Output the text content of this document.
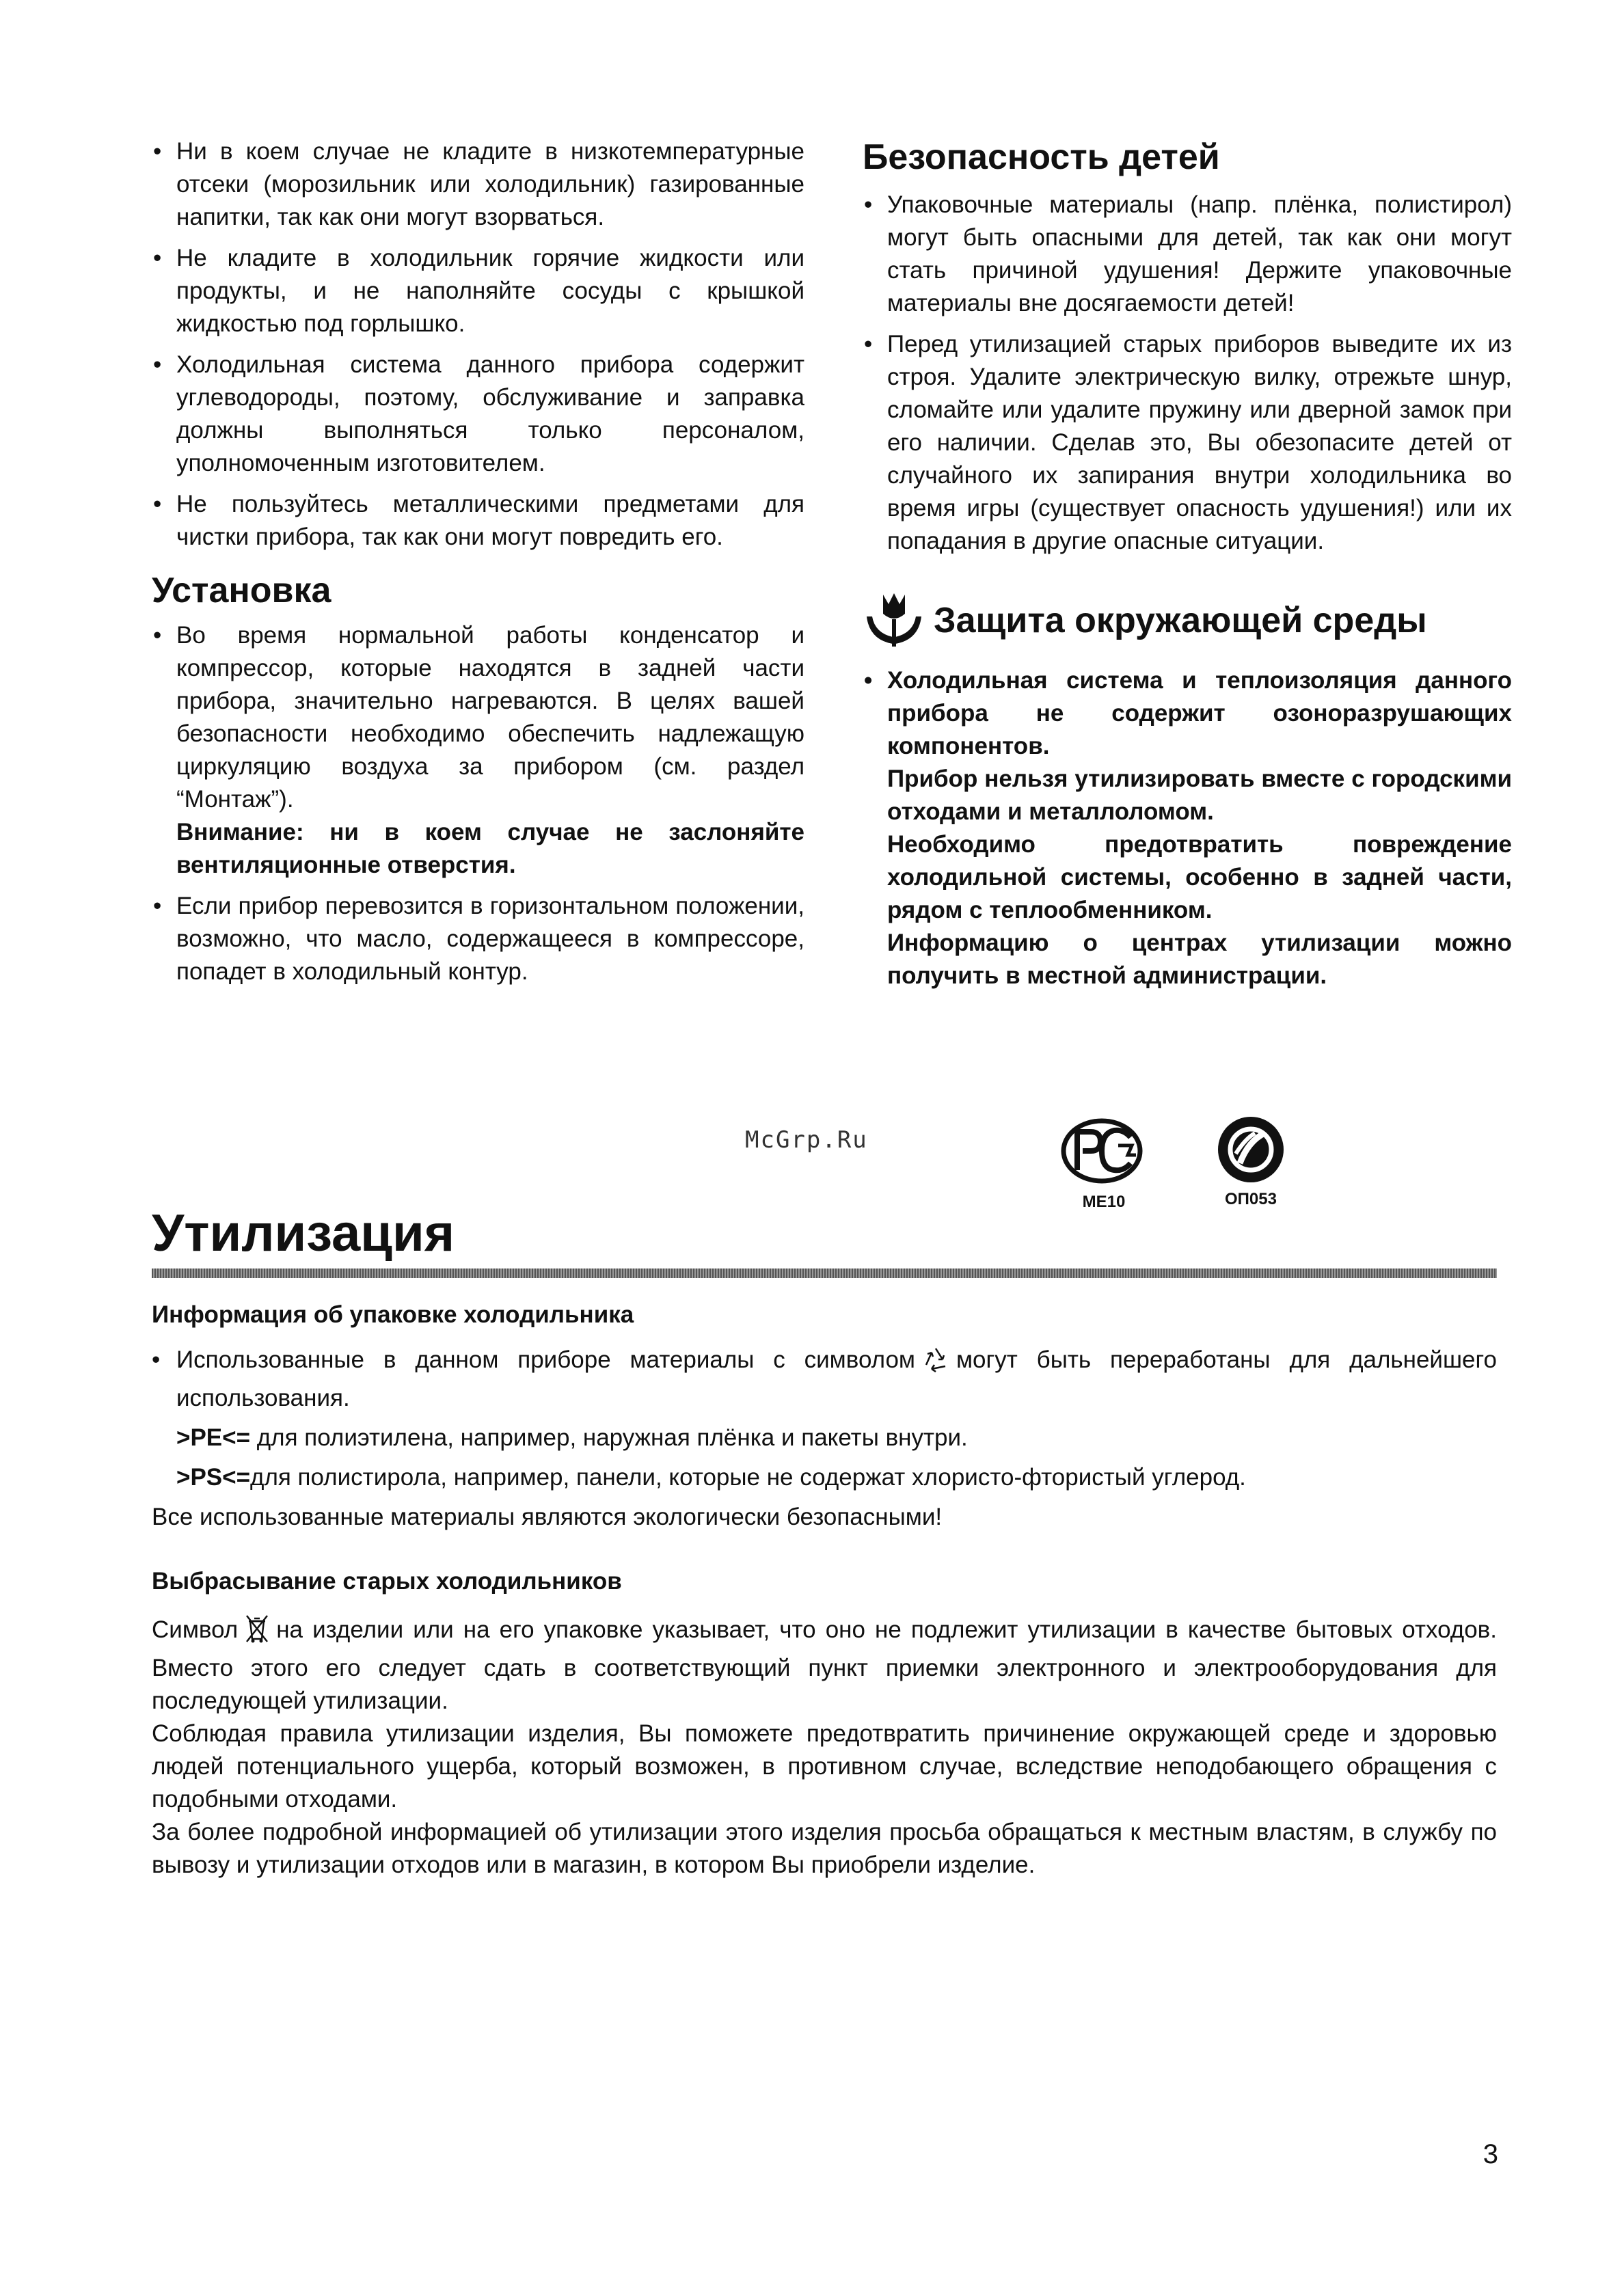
• Ни в коем случае не кладите в низкотемпературные отсеки (морозильник или холодильник) газированные напитки, так как они могут взорваться.
• Не кладите в холодильник горячие жидкости или продукты, и не наполняйте сосуды с крышкой жидкостью под горлышко.
• Холодильная система данного прибора содержит углеводороды, поэтому, обслуживание и заправка должны выполняться только персоналом, уполномоченным изготовителем.
• Не пользуйтесь металлическими предметами для чистки прибора, так как они могут повредить его.
Установка
• Во время нормальной работы конденсатор и компрессор, которые находятся в задней части прибора, значительно нагреваются. В целях вашей безопасности необходимо обеспечить надлежащую циркуляцию воздуха за прибором (см. раздел “Монтаж”).
Внимание: ни в коем случае не заслоняйте вентиляционные отверстия.
• Если прибор перевозится в горизонтальном положении, возможно, что масло, содержащееся в компрессоре, попадет в холодильный контур.
Безопасность детей
• Упаковочные материалы (напр. плёнка, полистирол) могут быть опасными для детей, так как они могут стать причиной удушения! Держите упаковочные материалы вне досягаемости детей!
• Перед утилизацией старых приборов выведите их из строя. Удалите электрическую вилку, отрежьте шнур, сломайте или удалите пружину или дверной замок при его наличии. Сделав это, Вы обезопасите детей от случайного их запирания внутри холодильника во время игры (существует опасность удушения!) или их попадания в другие опасные ситуации.
Защита окружающей среды
• Холодильная система и теплоизоляция данного прибора не содержит озоноразрушающих компонентов.
Прибор нельзя утилизировать вместе с городскими отходами и металлоломом.
Необходимо предотвратить повреждение холодильной системы, особенно в задней части, рядом с теплообменником.
Информацию о центрах утилизации можно получить в местной администрации.
McGrp.Ru
МЕ10	ОП053
Утилизация
Информация об упаковке холодильника

• Использованные в данном приборе материалы с символом могут быть переработаны для дальнейшего использования.

>PE<= для полиэтилена, например, наружная плёнка и пакеты внутри.

>PS<=для полистирола, например, панели, которые не содержат хлористо-фтористый углерод.

Все использованные материалы являются экологически безопасными!

Выбрасывание старых холодильников

Символ на изделии или на его упаковке указывает, что оно не подлежит утилизации в качестве бытовых отходов. Вместо этого его следует сдать в соответствующий пункт приемки электронного и электрооборудования для последующей утилизации.

Соблюдая правила утилизации изделия, Вы поможете предотвратить причинение окружающей среде и здоровью людей потенциального ущерба, который возможен, в противном случае, вследствие неподобающего обращения с подобными отходами.

За более подробной информацией об утилизации этого изделия просьба обращаться к местным властям, в службу по вывозу и утилизации отходов или в магазин, в котором Вы приобрели изделие.

3
